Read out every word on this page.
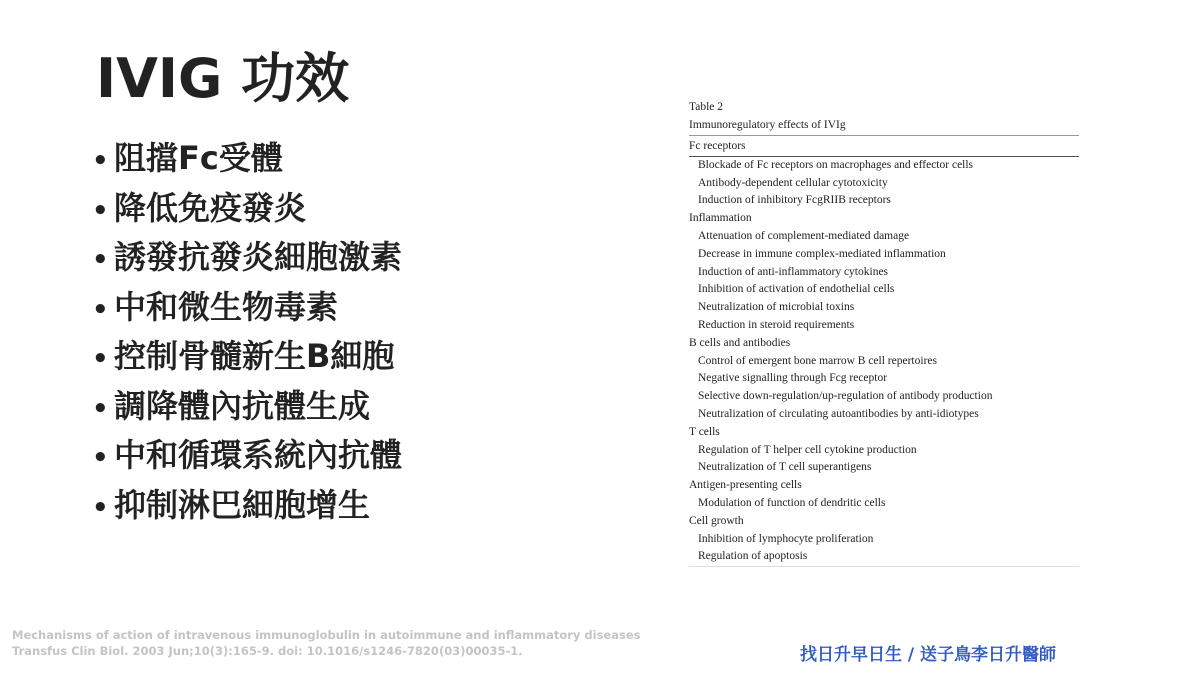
IVIG 功效
• 阻擋Fc受體
• 降低免疫發炎
• 誘發抗發炎細胞激素
• 中和微生物毒素
• 控制骨髓新生B細胞
• 調降體內抗體生成
• 中和循環系統內抗體
• 抑制淋巴細胞增生
Table 2
Immunoregulatory effects of IVIg
Fc receptors
Blockade of Fc receptors on macrophages and effector cells
Antibody-dependent cellular cytotoxicity
Induction of inhibitory FcgRIIB receptors
Inflammation
Attenuation of complement-mediated damage
Decrease in immune complex-mediated inflammation
Induction of anti-inflammatory cytokines
Inhibition of activation of endothelial cells
Neutralization of microbial toxins
Reduction in steroid requirements
B cells and antibodies
Control of emergent bone marrow B cell repertoires
Negative signalling through Fcg receptor
Selective down-regulation/up-regulation of antibody production
Neutralization of circulating autoantibodies by anti-idiotypes
T cells
Regulation of T helper cell cytokine production
Neutralization of T cell superantigens
Antigen-presenting cells
Modulation of function of dendritic cells
Cell growth
Inhibition of lymphocyte proliferation
Regulation of apoptosis
Mechanisms of action of intravenous immunoglobulin in autoimmune and inflammatory diseases
Transfus Clin Biol. 2003 Jun;10(3):165-9. doi: 10.1016/s1246-7820(03)00035-1.	找日升早日生 / 送子鳥李日升醫師
